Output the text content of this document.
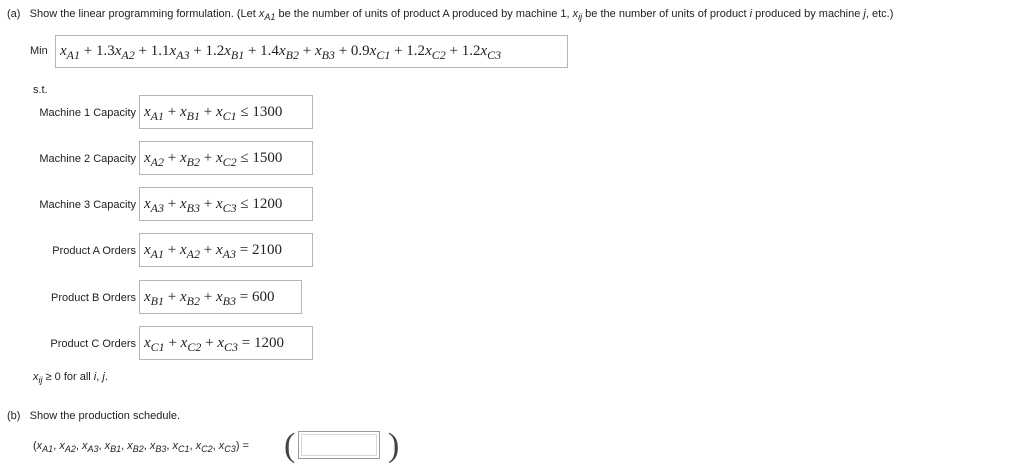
(a) Show the linear programming formulation. (Let $x_{A1}$ be the number of units of product A produced by machine 1, $x_{ij}$ be the number of units of product i produced by machine j, etc.)
Min $x_{A1} + 1.3x_{A2} + 1.1x_{A3} + 1.2x_{B1} + 1.4x_{B2} + x_{B3} + 0.9x_{C1} + 1.2x_{C2} + 1.2x_{C3}$
s.t.
Machine 1 Capacity $x_{A1} + x_{B1} + x_{C1} \le 1300$
Machine 2 Capacity $x_{A2} + x_{B2} + x_{C2} \le 1500$
Machine 3 Capacity $x_{A3} + x_{B3} + x_{C3} \le 1200$
Product A Orders $x_{A1} + x_{A2} + x_{A3} = 2100$
Product B Orders $x_{B1} + x_{B2} + x_{B3} = 600$
Product C Orders $x_{C1} + x_{C2} + x_{C3} = 1200$
$x_{ij} \ge 0$ for all i, j.
(b) Show the production schedule.
($x_{A1}$, $x_{A2}$, $x_{A3}$, $x_{B1}$, $x_{B2}$, $x_{B3}$, $x_{C1}$, $x_{C2}$, $x_{C3}$) = (	)
